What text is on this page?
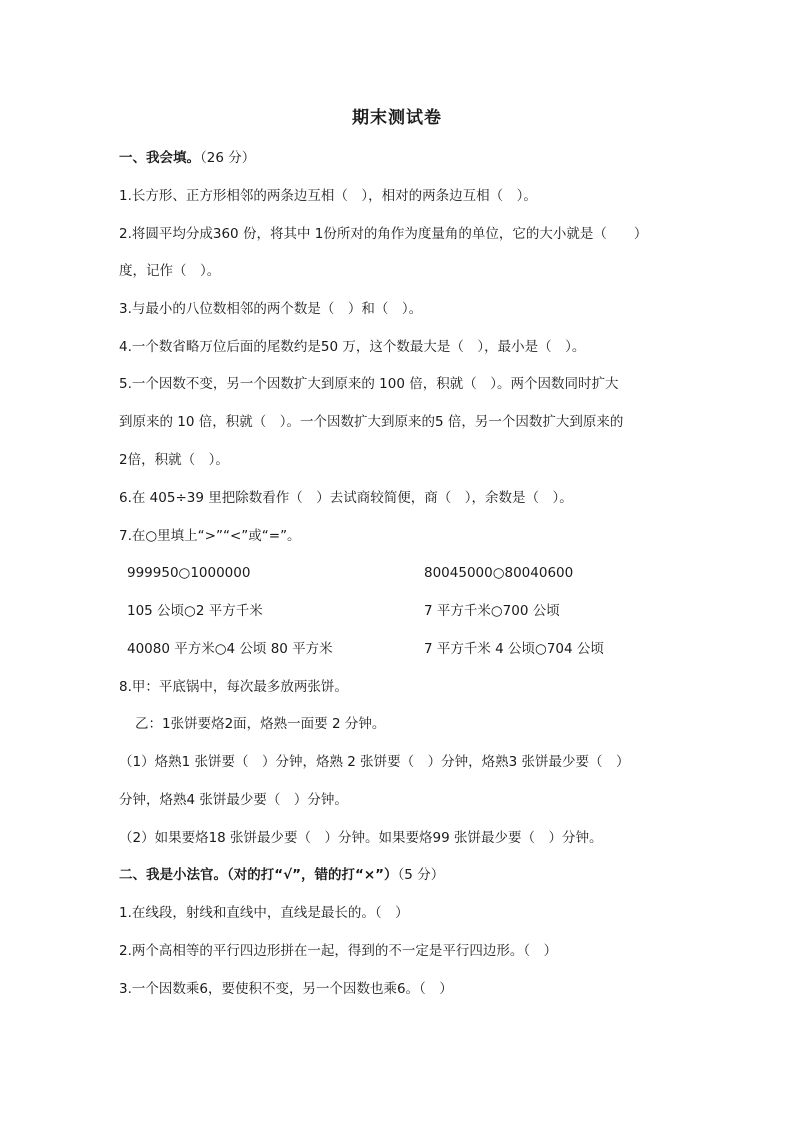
期末测试卷
一、我会填。（26 分）
1.长方形、正方形相邻的两条边互相（　），相对的两条边互相（　）。
2.将圆平均分成360 份，将其中 1份所对的角作为度量角的单位，它的大小就是（　　）
度，记作（　）。
3.与最小的八位数相邻的两个数是（　）和（　）。
4.一个数省略万位后面的尾数约是50 万，这个数最大是（　），最小是（　）。
5.一个因数不变，另一个因数扩大到原来的 100 倍，积就（　）。两个因数同时扩大
到原来的 10 倍，积就（　）。一个因数扩大到原来的5 倍，另一个因数扩大到原来的
2倍，积就（　）。
6.在 405÷39 里把除数看作（　）去试商较简便，商（　），余数是（　）。
7.在○里填上“>”“<”或“=”。
999950○1000000	80045000○80040600
105 公顷○2 平方千米	7 平方千米○700 公顷
40080 平方米○4 公顷 80 平方米	7 平方千米 4 公顷○704 公顷
8.甲：平底锅中，每次最多放两张饼。
乙：1张饼要烙2面，烙熟一面要 2 分钟。
（1）烙熟1 张饼要（　）分钟，烙熟 2 张饼要（　）分钟，烙熟3 张饼最少要（　）
分钟，烙熟4 张饼最少要（　）分钟。
（2）如果要烙18 张饼最少要（　）分钟。如果要烙99 张饼最少要（　）分钟。
二、我是小法官。（对的打“√”，错的打“×”）（5 分）
1.在线段，射线和直线中，直线是最长的。（　）
2.两个高相等的平行四边形拼在一起，得到的不一定是平行四边形。（　）
3.一个因数乘6，要使积不变，另一个因数也乘6。（　）
